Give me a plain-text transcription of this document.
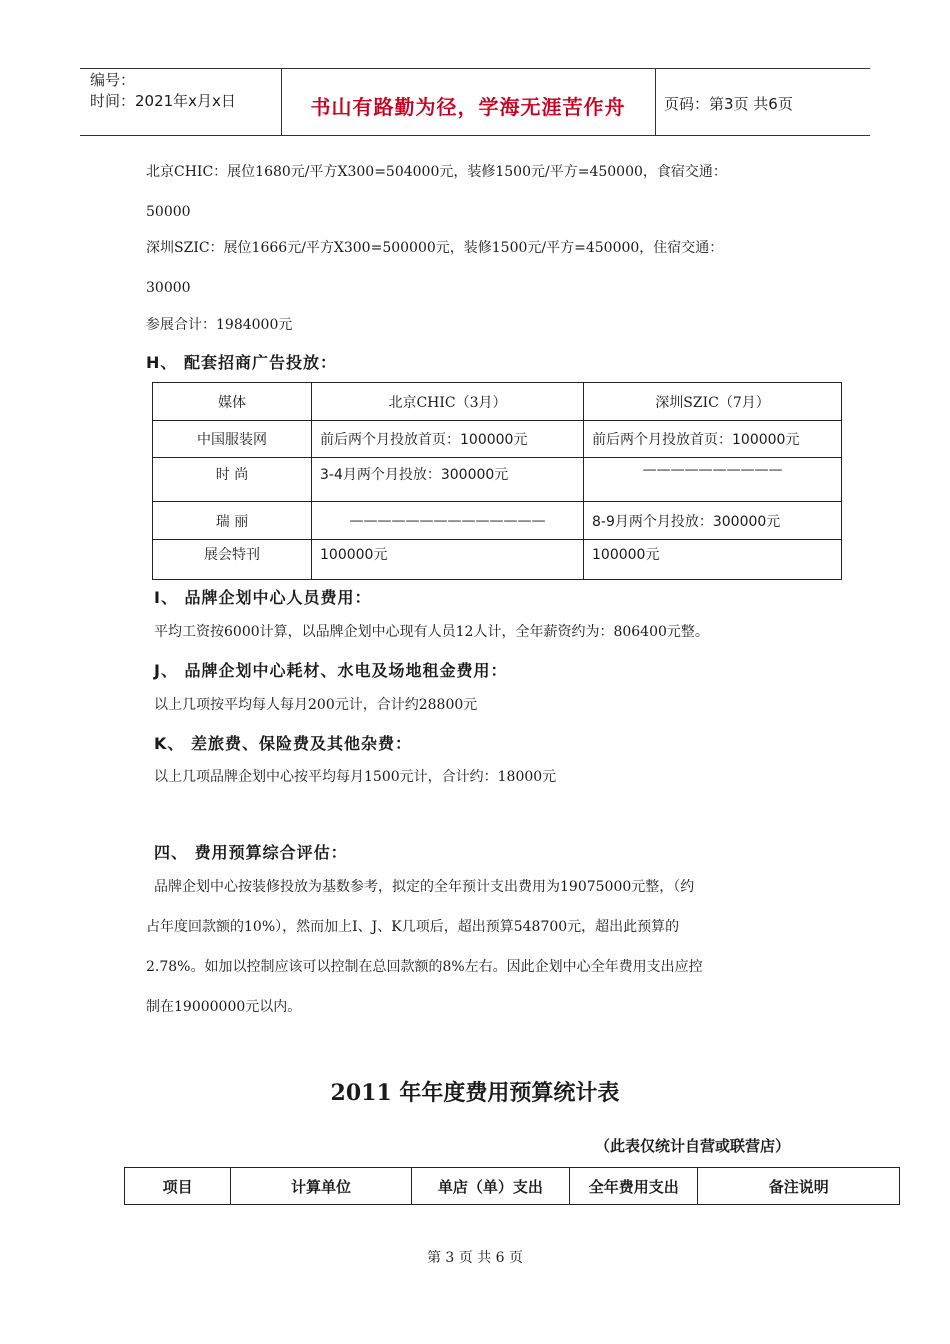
编号：
时间：2021年x月x日	书山有路勤为径，学海无涯苦作舟	页码：第3页 共6页
北京CHIC：展位1680元/平方X300=504000元，装修1500元/平方=450000，食宿交通：
50000
深圳SZIC：展位1666元/平方X300=500000元，装修1500元/平方=450000，住宿交通：
30000
参展合计：1984000元
H、 配套招商广告投放：
媒体	北京CHIC（3月）	深圳SZIC（7月）
中国服装网	前后两个月投放首页：100000元	前后两个月投放首页：100000元
时 尚	3-4月两个月投放：300000元	——————————
瑞 丽	——————————————	8-9月两个月投放：300000元
展会特刊	100000元	100000元
I、 品牌企划中心人员费用：
平均工资按6000计算，以品牌企划中心现有人员12人计，全年薪资约为：806400元整。
J、 品牌企划中心耗材、水电及场地租金费用：
以上几项按平均每人每月200元计，合计约28800元
K、 差旅费、保险费及其他杂费：
以上几项品牌企划中心按平均每月1500元计，合计约：18000元
四、 费用预算综合评估：
品牌企划中心按装修投放为基数参考，拟定的全年预计支出费用为19075000元整，（约
占年度回款额的10%），然而加上I、J、K几项后，超出预算548700元，超出此预算的
2.78%。如加以控制应该可以控制在总回款额的8%左右。因此企划中心全年费用支出应控
制在19000000元以内。
2011 年年度费用预算统计表
（此表仅统计自营或联营店）
项目	计算单位	单店（单）支出	全年费用支出	备注说明
第 3 页 共 6 页
